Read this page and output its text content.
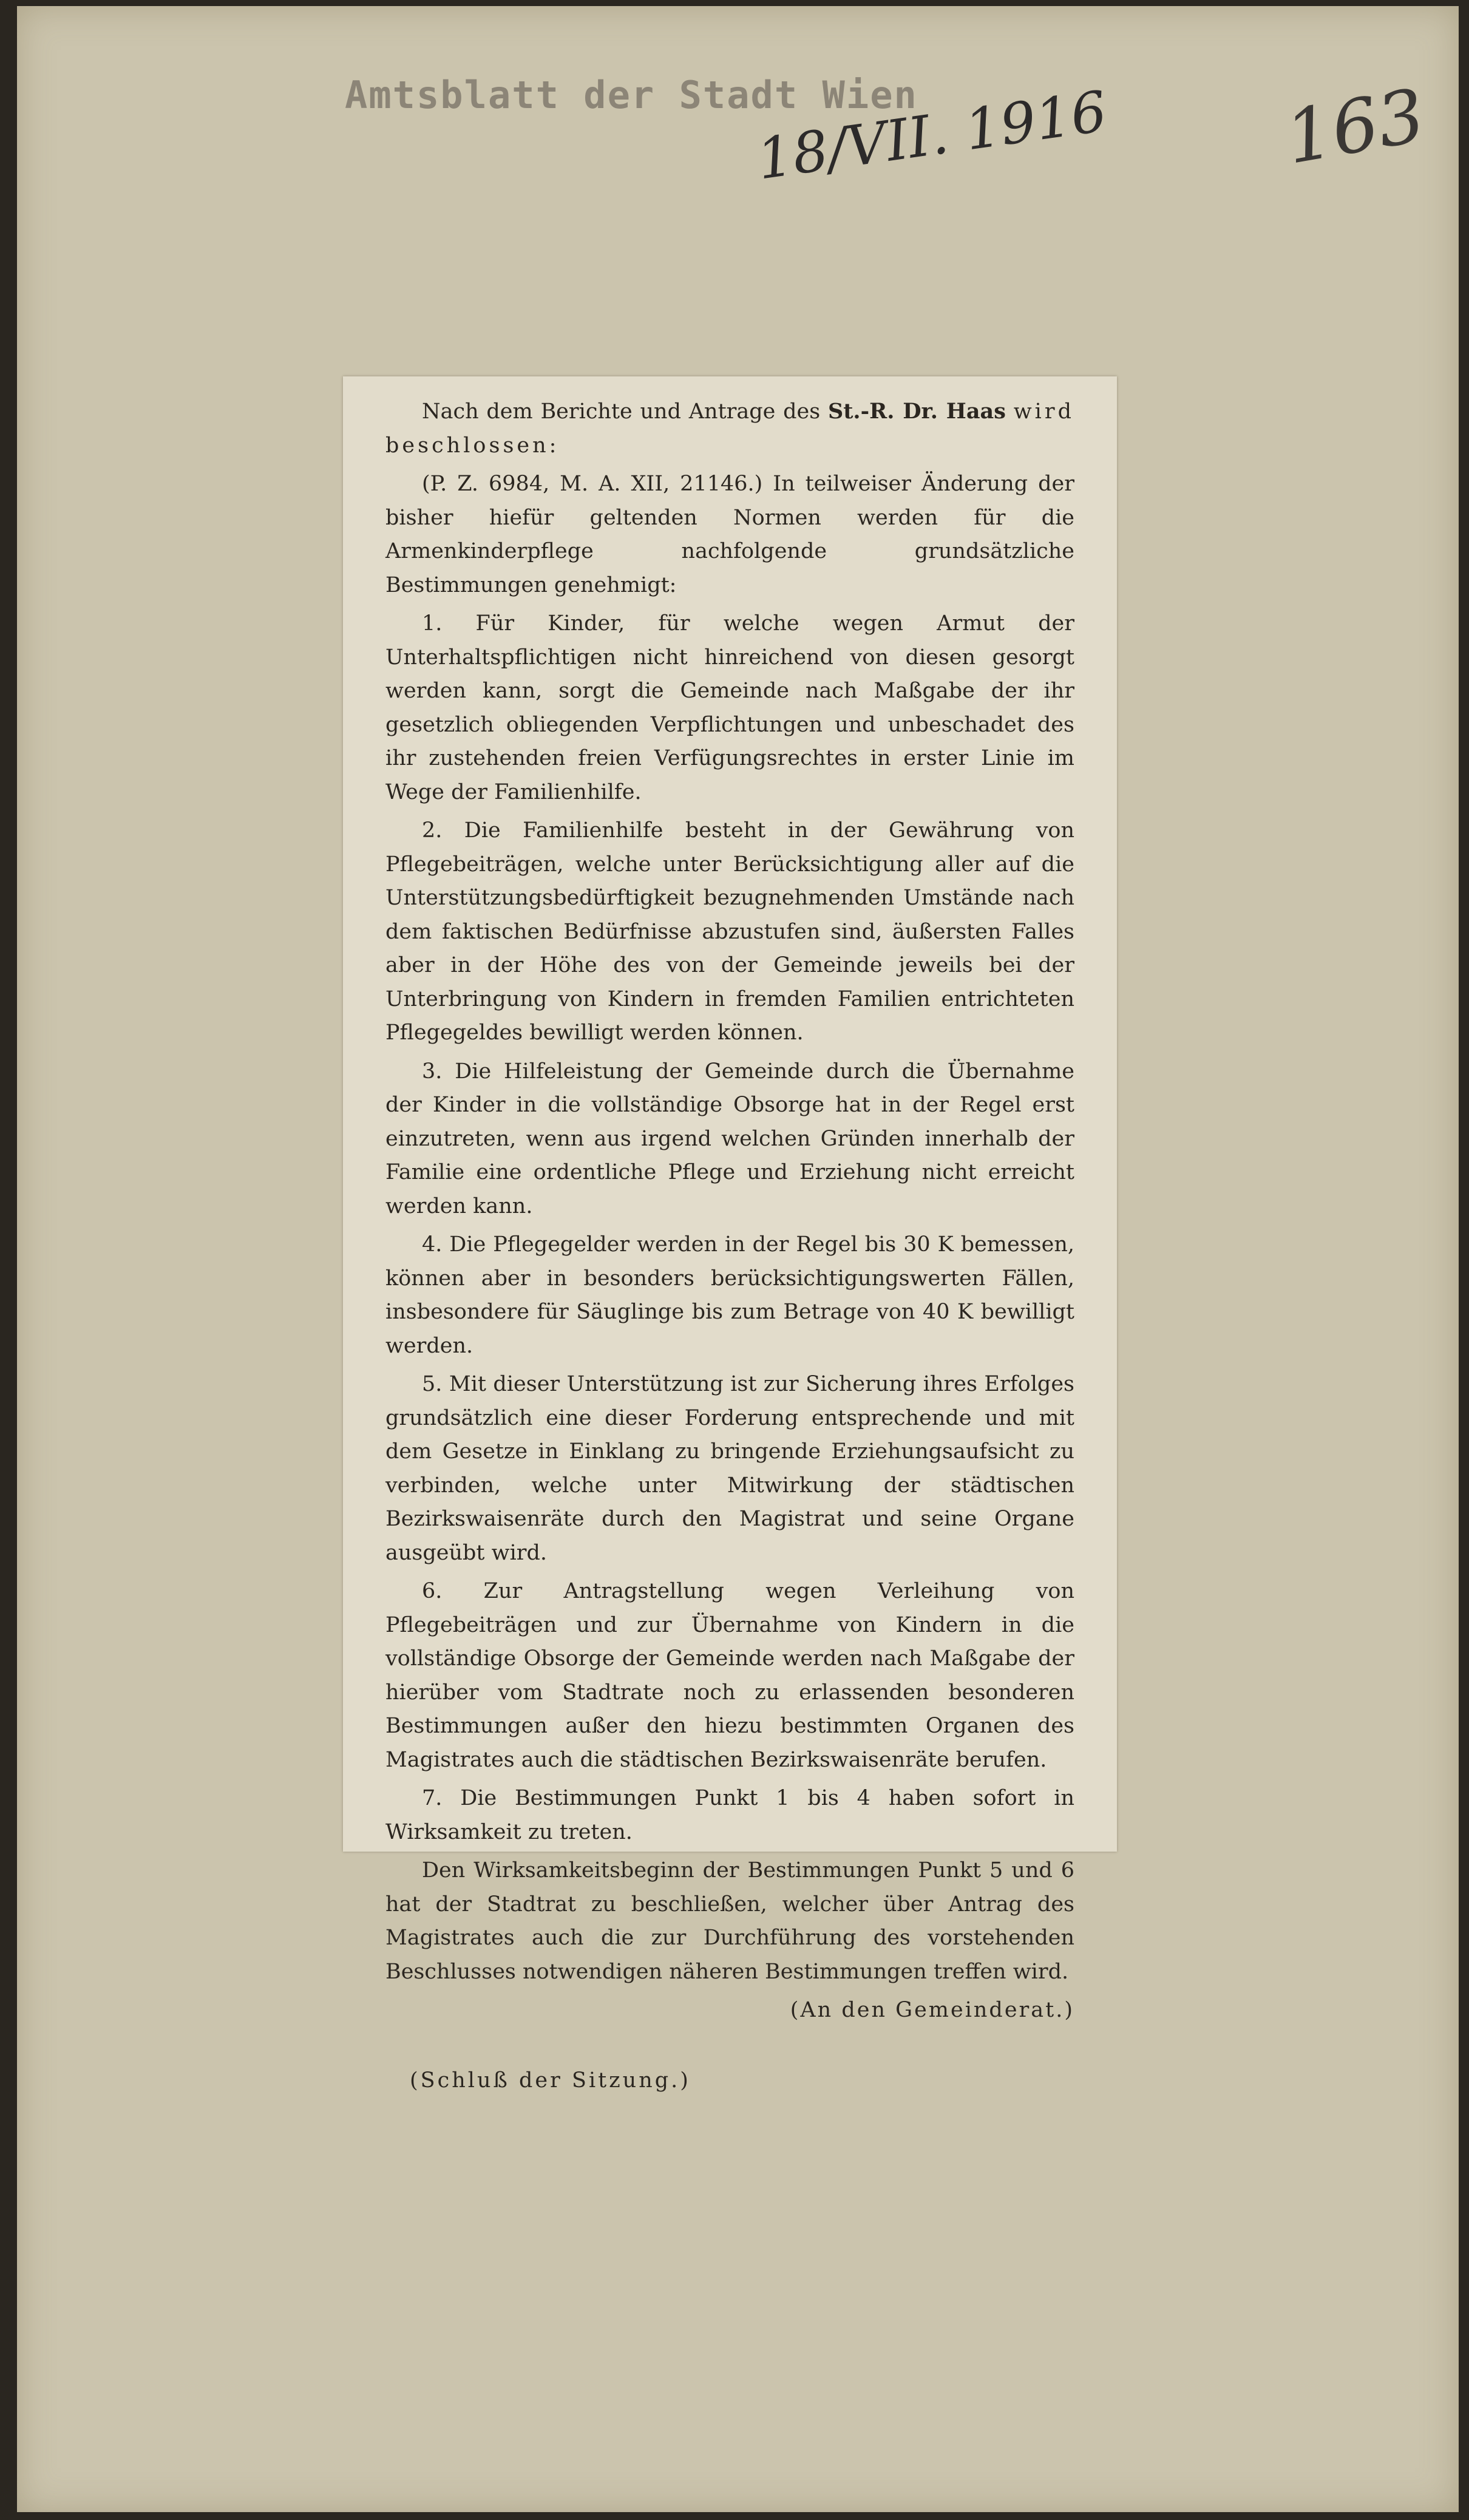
Amtsblatt der Stadt Wien
18/VII. 1916 163

Nach dem Berichte und Antrage des St.-R. Dr. Haas wird beschlossen:

(P. Z. 6984, M. A. XII, 21146.) In teilweiser Änderung der bisher hiefür geltenden Normen werden für die Armenkinderpflege nachfolgende grundsätzliche Bestimmungen genehmigt:

1. Für Kinder, für welche wegen Armut der Unterhaltspflichtigen nicht hinreichend von diesen gesorgt werden kann, sorgt die Gemeinde nach Maßgabe der ihr gesetzlich obliegenden Verpflichtungen und unbeschadet des ihr zustehenden freien Verfügungsrechtes in erster Linie im Wege der Familienhilfe.

2. Die Familienhilfe besteht in der Gewährung von Pflegebeiträgen, welche unter Berücksichtigung aller auf die Unterstützungsbedürftigkeit bezugnehmenden Umstände nach dem faktischen Bedürfnisse abzustufen sind, äußersten Falles aber in der Höhe des von der Gemeinde jeweils bei der Unterbringung von Kindern in fremden Familien entrichteten Pflegegeldes bewilligt werden können.

3. Die Hilfeleistung der Gemeinde durch die Übernahme der Kinder in die vollständige Obsorge hat in der Regel erst einzutreten, wenn aus irgend welchen Gründen innerhalb der Familie eine ordentliche Pflege und Erziehung nicht erreicht werden kann.

4. Die Pflegegelder werden in der Regel bis 30 K bemessen, können aber in besonders berücksichtigungswerten Fällen, insbesondere für Säuglinge bis zum Betrage von 40 K bewilligt werden.

5. Mit dieser Unterstützung ist zur Sicherung ihres Erfolges grundsätzlich eine dieser Forderung entsprechende und mit dem Gesetze in Einklang zu bringende Erziehungsaufsicht zu verbinden, welche unter Mitwirkung der städtischen Bezirkswaisenräte durch den Magistrat und seine Organe ausgeübt wird.

6. Zur Antragstellung wegen Verleihung von Pflegebeiträgen und zur Übernahme von Kindern in die vollständige Obsorge der Gemeinde werden nach Maßgabe der hierüber vom Stadtrate noch zu erlassenden besonderen Bestimmungen außer den hiezu bestimmten Organen des Magistrates auch die städtischen Bezirkswaisenräte berufen.

7. Die Bestimmungen Punkt 1 bis 4 haben sofort in Wirksamkeit zu treten.

Den Wirksamkeitsbeginn der Bestimmungen Punkt 5 und 6 hat der Stadtrat zu beschließen, welcher über Antrag des Magistrates auch die zur Durchführung des vorstehenden Beschlusses notwendigen näheren Bestimmungen treffen wird.

(An den Gemeinderat.)

(Schluß der Sitzung.)
